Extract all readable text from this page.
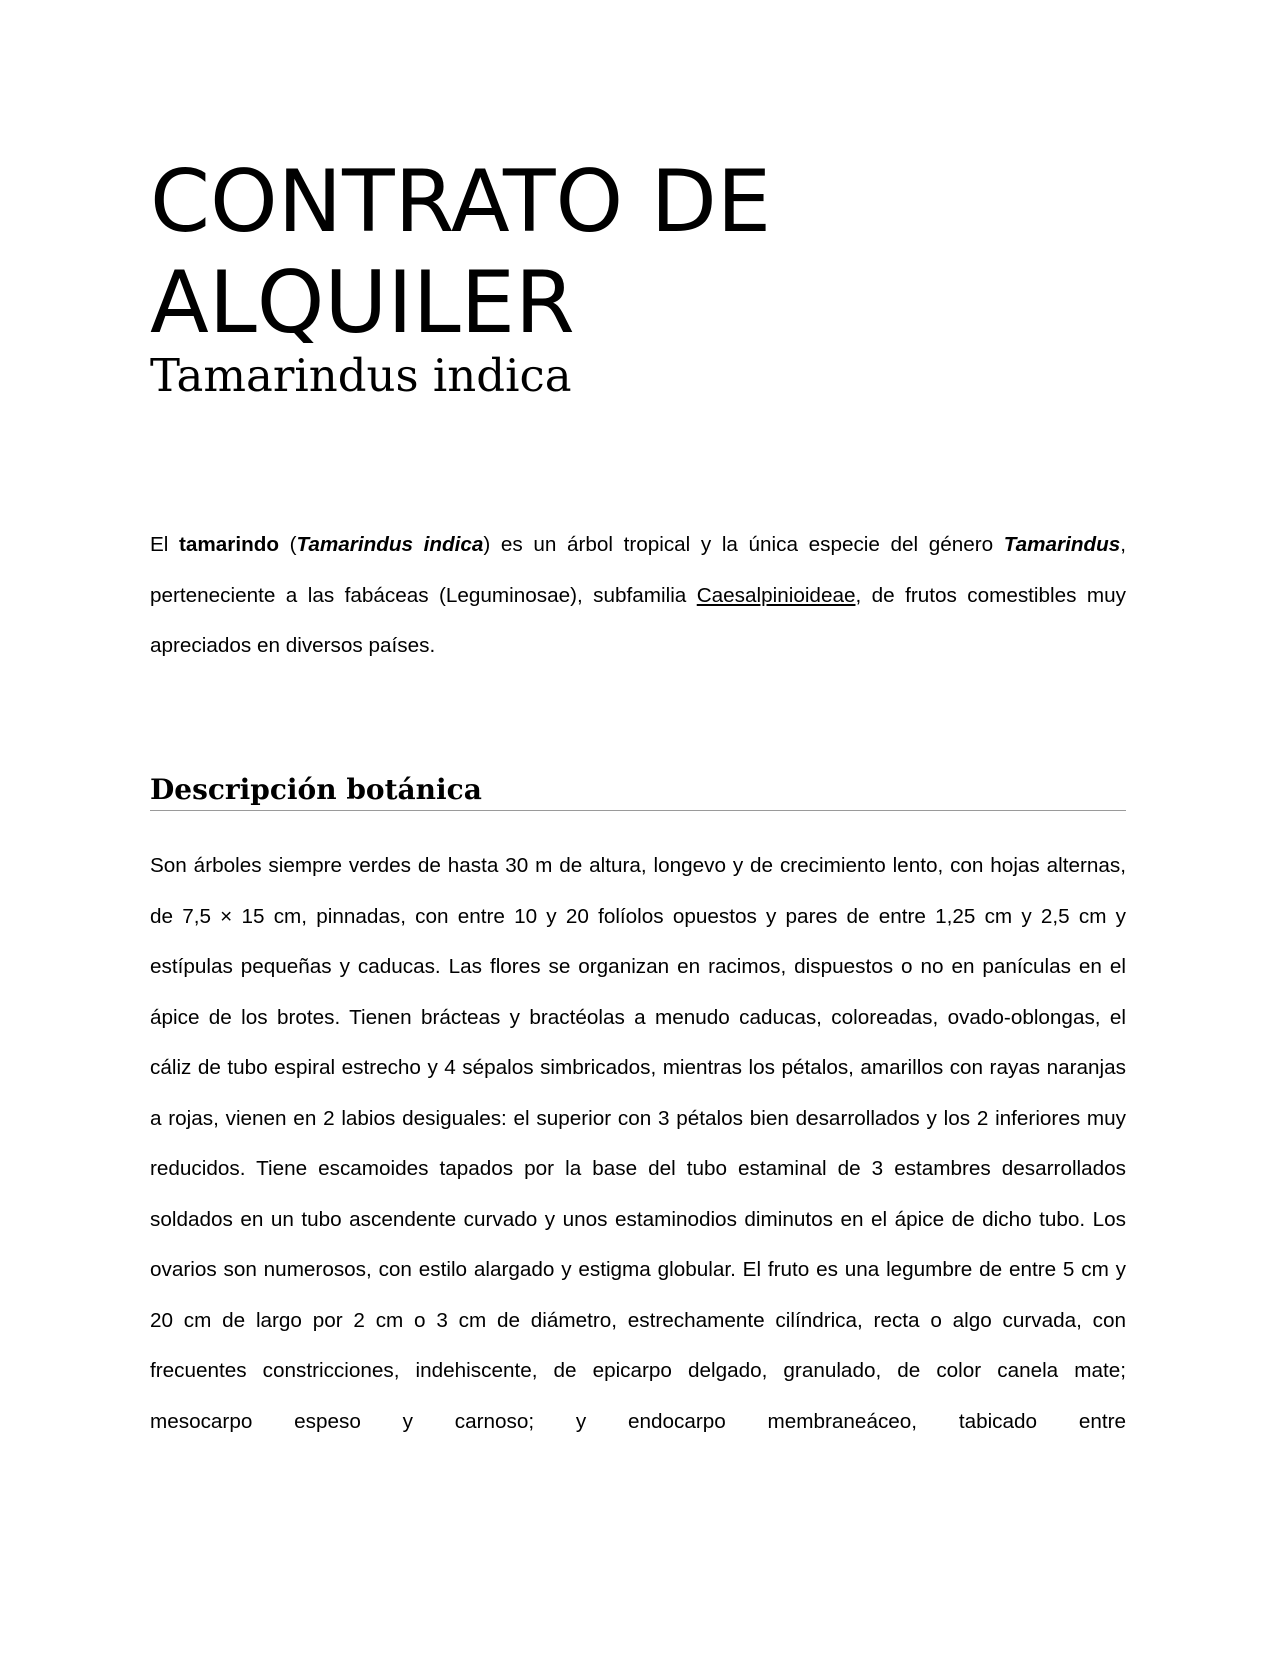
CONTRATO DE ALQUILER
Tamarindus indica

El tamarindo (Tamarindus indica) es un árbol tropical y la única especie del género Tamarindus, perteneciente a las fabáceas (Leguminosae), subfamilia Caesalpinioideae, de frutos comestibles muy apreciados en diversos países.

Descripción botánica

Son árboles siempre verdes de hasta 30 m de altura, longevo y de crecimiento lento, con hojas alternas, de 7,5 × 15 cm, pinnadas, con entre 10 y 20 folíolos opuestos y pares de entre 1,25 cm y 2,5 cm y estípulas pequeñas y caducas. Las flores se organizan en racimos, dispuestos o no en panículas en el ápice de los brotes. Tienen brácteas y bractéolas a menudo caducas, coloreadas, ovado-oblongas, el cáliz de tubo espiral estrecho y 4 sépalos simbricados, mientras los pétalos, amarillos con rayas naranjas a rojas, vienen en 2 labios desiguales: el superior con 3 pétalos bien desarrollados y los 2 inferiores muy reducidos. Tiene escamoides tapados por la base del tubo estaminal de 3 estambres desarrollados soldados en un tubo ascendente curvado y unos estaminodios diminutos en el ápice de dicho tubo. Los ovarios son numerosos, con estilo alargado y estigma globular. El fruto es una legumbre de entre 5 cm y 20 cm de largo por 2 cm o 3 cm de diámetro, estrechamente cilíndrica, recta o algo curvada, con frecuentes constricciones, indehiscente, de epicarpo delgado, granulado, de color canela mate; mesocarpo espeso y carnoso; y endocarpo membraneáceo, tabicado entre
